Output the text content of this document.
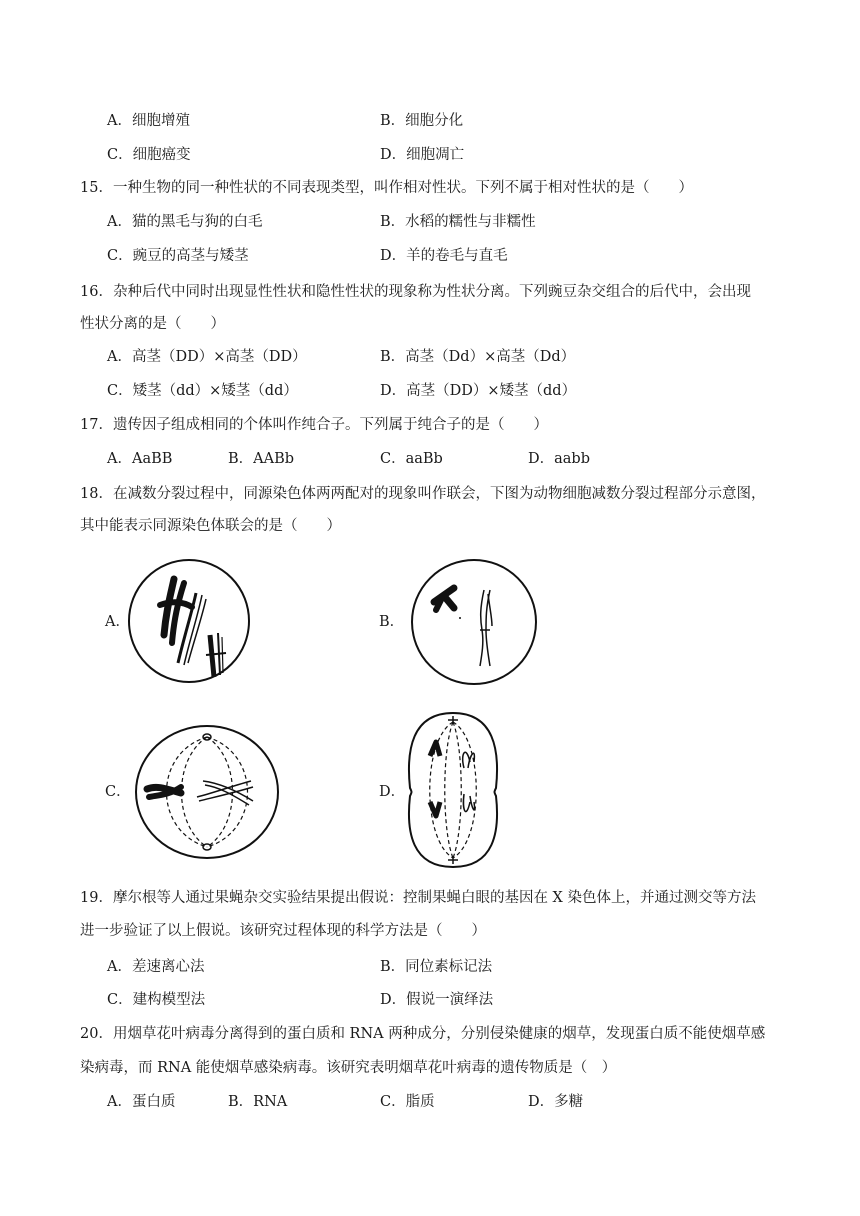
A．细胞增殖	B．细胞分化
C．细胞癌变	D．细胞凋亡
15．一种生物的同一种性状的不同表现类型，叫作相对性状。下列不属于相对性状的是（　　）
A．猫的黑毛与狗的白毛	B．水稻的糯性与非糯性
C．豌豆的高茎与矮茎	D．羊的卷毛与直毛
16．杂种后代中同时出现显性性状和隐性性状的现象称为性状分离。下列豌豆杂交组合的后代中，会出现
性状分离的是（　　）
A．高茎（DD）×高茎（DD）	B．高茎（Dd）×高茎（Dd）
C．矮茎（dd）×矮茎（dd）	D．高茎（DD）×矮茎（dd）
17．遗传因子组成相同的个体叫作纯合子。下列属于纯合子的是（　　）
A．AaBB	B．AABb	C．aaBb	D．aabb
18．在减数分裂过程中，同源染色体两两配对的现象叫作联会，下图为动物细胞减数分裂过程部分示意图，
其中能表示同源染色体联会的是（　　）
A．	B．
C．	D．
19．摩尔根等人通过果蝇杂交实验结果提出假说：控制果蝇白眼的基因在 X 染色体上，并通过测交等方法
进一步验证了以上假说。该研究过程体现的科学方法是（　　）
A．差速离心法	B．同位素标记法
C．建构模型法	D．假说一演绎法
20．用烟草花叶病毒分离得到的蛋白质和 RNA 两种成分，分别侵染健康的烟草，发现蛋白质不能使烟草感
染病毒，而 RNA 能使烟草感染病毒。该研究表明烟草花叶病毒的遗传物质是（　）
A．蛋白质	B．RNA	C．脂质	D．多糖
